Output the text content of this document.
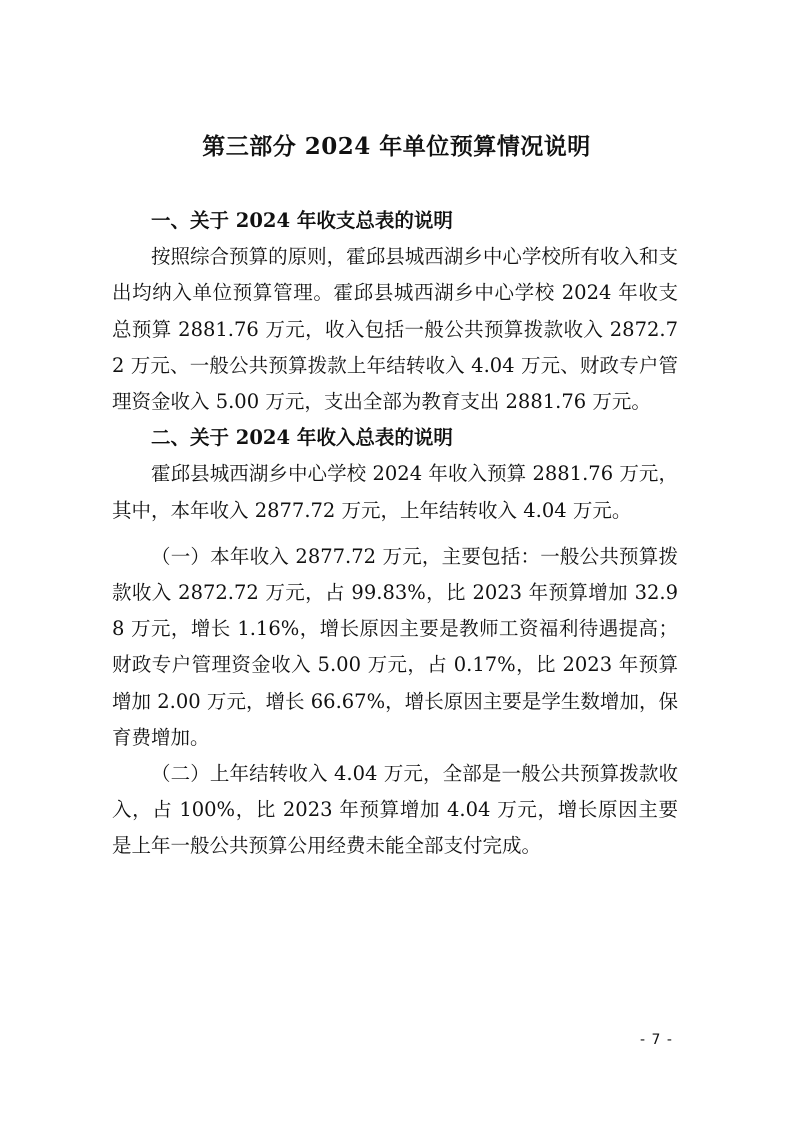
第三部分 2024 年单位预算情况说明

一、关于 2024 年收支总表的说明

按照综合预算的原则，霍邱县城西湖乡中心学校所有收入和支出均纳入单位预算管理。霍邱县城西湖乡中心学校 2024 年收支总预算 2881.76 万元，收入包括一般公共预算拨款收入 2872.72 万元、一般公共预算拨款上年结转收入 4.04 万元、财政专户管理资金收入 5.00 万元，支出全部为教育支出 2881.76 万元。

二、关于 2024 年收入总表的说明

霍邱县城西湖乡中心学校 2024 年收入预算 2881.76 万元，其中，本年收入 2877.72 万元，上年结转收入 4.04 万元。

（一）本年收入 2877.72 万元，主要包括：一般公共预算拨款收入 2872.72 万元，占 99.83%，比 2023 年预算增加 32.98 万元，增长 1.16%，增长原因主要是教师工资福利待遇提高；财政专户管理资金收入 5.00 万元，占 0.17%，比 2023 年预算增加 2.00 万元，增长 66.67%，增长原因主要是学生数增加，保育费增加。

（二）上年结转收入 4.04 万元，全部是一般公共预算拨款收入，占 100%，比 2023 年预算增加 4.04 万元，增长原因主要是上年一般公共预算公用经费未能全部支付完成。

- 7 -
